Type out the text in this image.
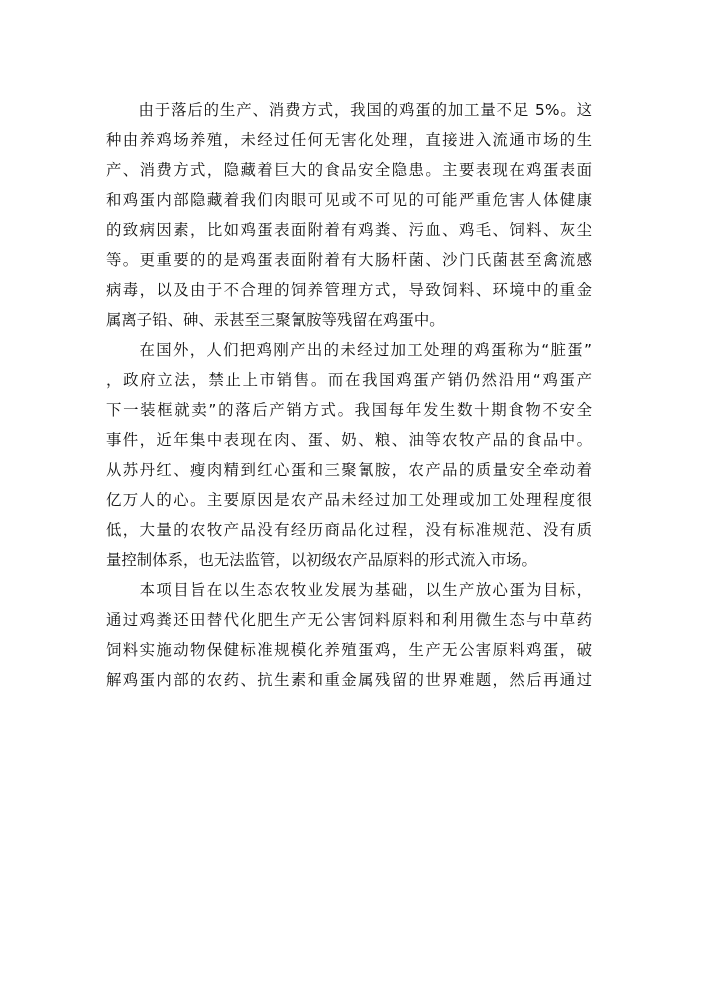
　　由于落后的生产、消费方式，我国的鸡蛋的加工量不足 5%。这
种由养鸡场养殖，未经过任何无害化处理，直接进入流通市场的生
产、消费方式，隐藏着巨大的食品安全隐患。主要表现在鸡蛋表面
和鸡蛋内部隐藏着我们肉眼可见或不可见的可能严重危害人体健康
的致病因素，比如鸡蛋表面附着有鸡粪、污血、鸡毛、饲料、灰尘
等。更重要的的是鸡蛋表面附着有大肠杆菌、沙门氏菌甚至禽流感
病毒，以及由于不合理的饲养管理方式，导致饲料、环境中的重金
属离子铅、砷、汞甚至三聚氰胺等残留在鸡蛋中。
　　在国外，人们把鸡刚产出的未经过加工处理的鸡蛋称为“脏蛋”
，政府立法，禁止上市销售。而在我国鸡蛋产销仍然沿用“鸡蛋产
下一装框就卖”的落后产销方式。我国每年发生数十期食物不安全
事件，近年集中表现在肉、蛋、奶、粮、油等农牧产品的食品中。
从苏丹红、瘦肉精到红心蛋和三聚氰胺，农产品的质量安全牵动着
亿万人的心。主要原因是农产品未经过加工处理或加工处理程度很
低，大量的农牧产品没有经历商品化过程，没有标准规范、没有质
量控制体系，也无法监管，以初级农产品原料的形式流入市场。
　　本项目旨在以生态农牧业发展为基础，以生产放心蛋为目标，
通过鸡粪还田替代化肥生产无公害饲料原料和利用微生态与中草药
饲料实施动物保健标准规模化养殖蛋鸡，生产无公害原料鸡蛋，破
解鸡蛋内部的农药、抗生素和重金属残留的世界难题，然后再通过
